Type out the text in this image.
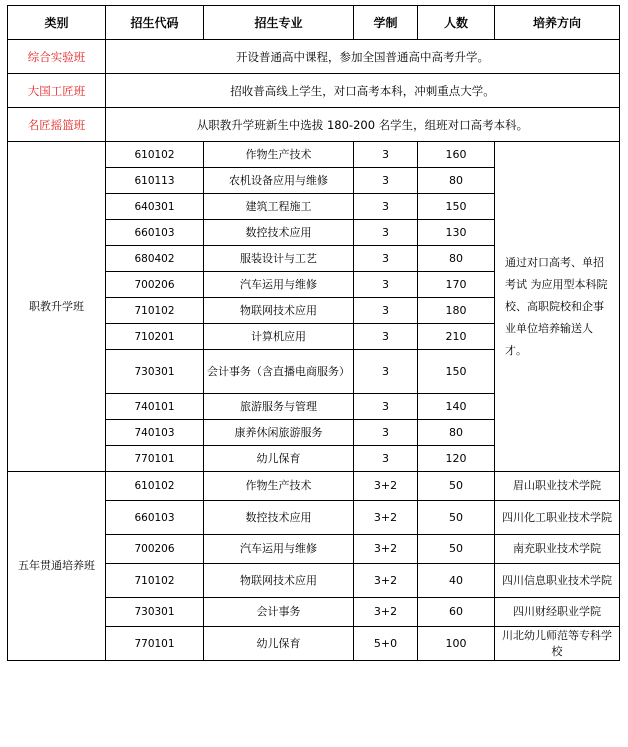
类别	招生代码	招生专业	学制	人数	培养方向
综合实验班	开设普通高中课程，参加全国普通高中高考升学。				
大国工匠班	招收普高线上学生，对口高考本科，冲刺重点大学。				
名匠摇篮班	从职教升学班新生中选拔 180-200 名学生，组班对口高考本科。				
职教升学班	610102	作物生产技术	3	160	通过对口高考、单招考试 为应用型本科院校、高职院校和企事业单位培养输送人才。
	610113	农机设备应用与维修	3	80	
	640301	建筑工程施工	3	150	
	660103	数控技术应用	3	130	
	680402	服装设计与工艺	3	80	
	700206	汽车运用与维修	3	170	
	710102	物联网技术应用	3	180	
	710201	计算机应用	3	210	
	730301	会计事务（含直播电商服务）	3	150	
	740101	旅游服务与管理	3	140	
	740103	康养休闲旅游服务	3	80	
	770101	幼儿保育	3	120	
五年贯通培养班	610102	作物生产技术	3+2	50	眉山职业技术学院
	660103	数控技术应用	3+2	50	四川化工职业技术学院
	700206	汽车运用与维修	3+2	50	南充职业技术学院
	710102	物联网技术应用	3+2	40	四川信息职业技术学院
	730301	会计事务	3+2	60	四川财经职业学院
	770101	幼儿保育	5+0	100	川北幼儿师范等专科学校
